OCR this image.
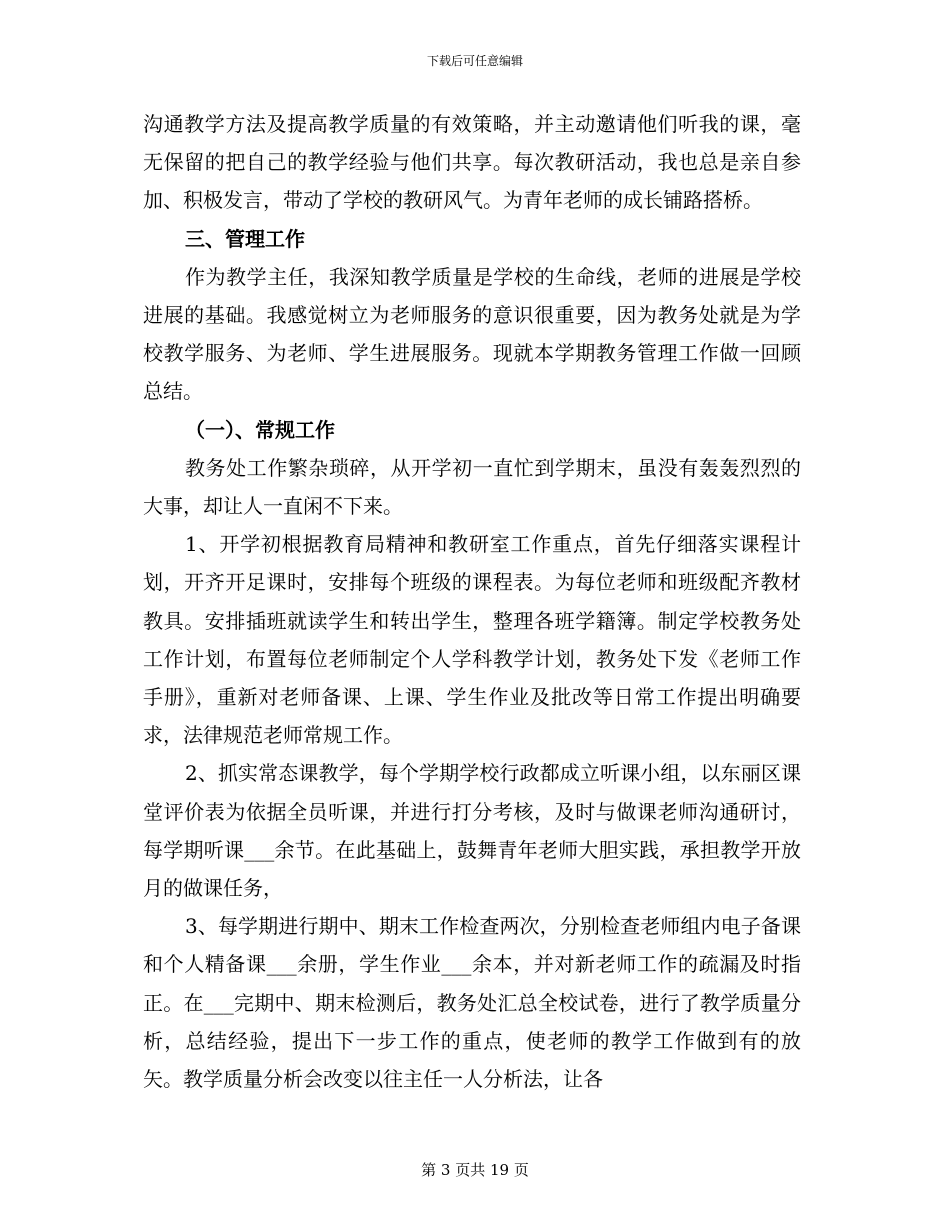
下载后可任意编辑

沟通教学方法及提高教学质量的有效策略，并主动邀请他们听我的课，毫无保留的把自己的教学经验与他们共享。每次教研活动，我也总是亲自参加、积极发言，带动了学校的教研风气。为青年老师的成长铺路搭桥。

三、管理工作

作为教学主任，我深知教学质量是学校的生命线，老师的进展是学校进展的基础。我感觉树立为老师服务的意识很重要，因为教务处就是为学校教学服务、为老师、学生进展服务。现就本学期教务管理工作做一回顾总结。

（一）、常规工作

教务处工作繁杂琐碎，从开学初一直忙到学期末，虽没有轰轰烈烈的大事，却让人一直闲不下来。

1、开学初根据教育局精神和教研室工作重点，首先仔细落实课程计划，开齐开足课时，安排每个班级的课程表。为每位老师和班级配齐教材教具。安排插班就读学生和转出学生，整理各班学籍簿。制定学校教务处工作计划，布置每位老师制定个人学科教学计划，教务处下发《老师工作手册》，重新对老师备课、上课、学生作业及批改等日常工作提出明确要求，法律规范老师常规工作。

2、抓实常态课教学，每个学期学校行政都成立听课小组，以东丽区课堂评价表为依据全员听课，并进行打分考核，及时与做课老师沟通研讨，每学期听课___余节。在此基础上，鼓舞青年老师大胆实践，承担教学开放月的做课任务，

3、每学期进行期中、期末工作检查两次，分别检查老师组内电子备课和个人精备课___余册，学生作业___余本，并对新老师工作的疏漏及时指正。在___完期中、期末检测后，教务处汇总全校试卷，进行了教学质量分析，总结经验，提出下一步工作的重点，使老师的教学工作做到有的放矢。教学质量分析会改变以往主任一人分析法，让各

第 3 页共 19 页
